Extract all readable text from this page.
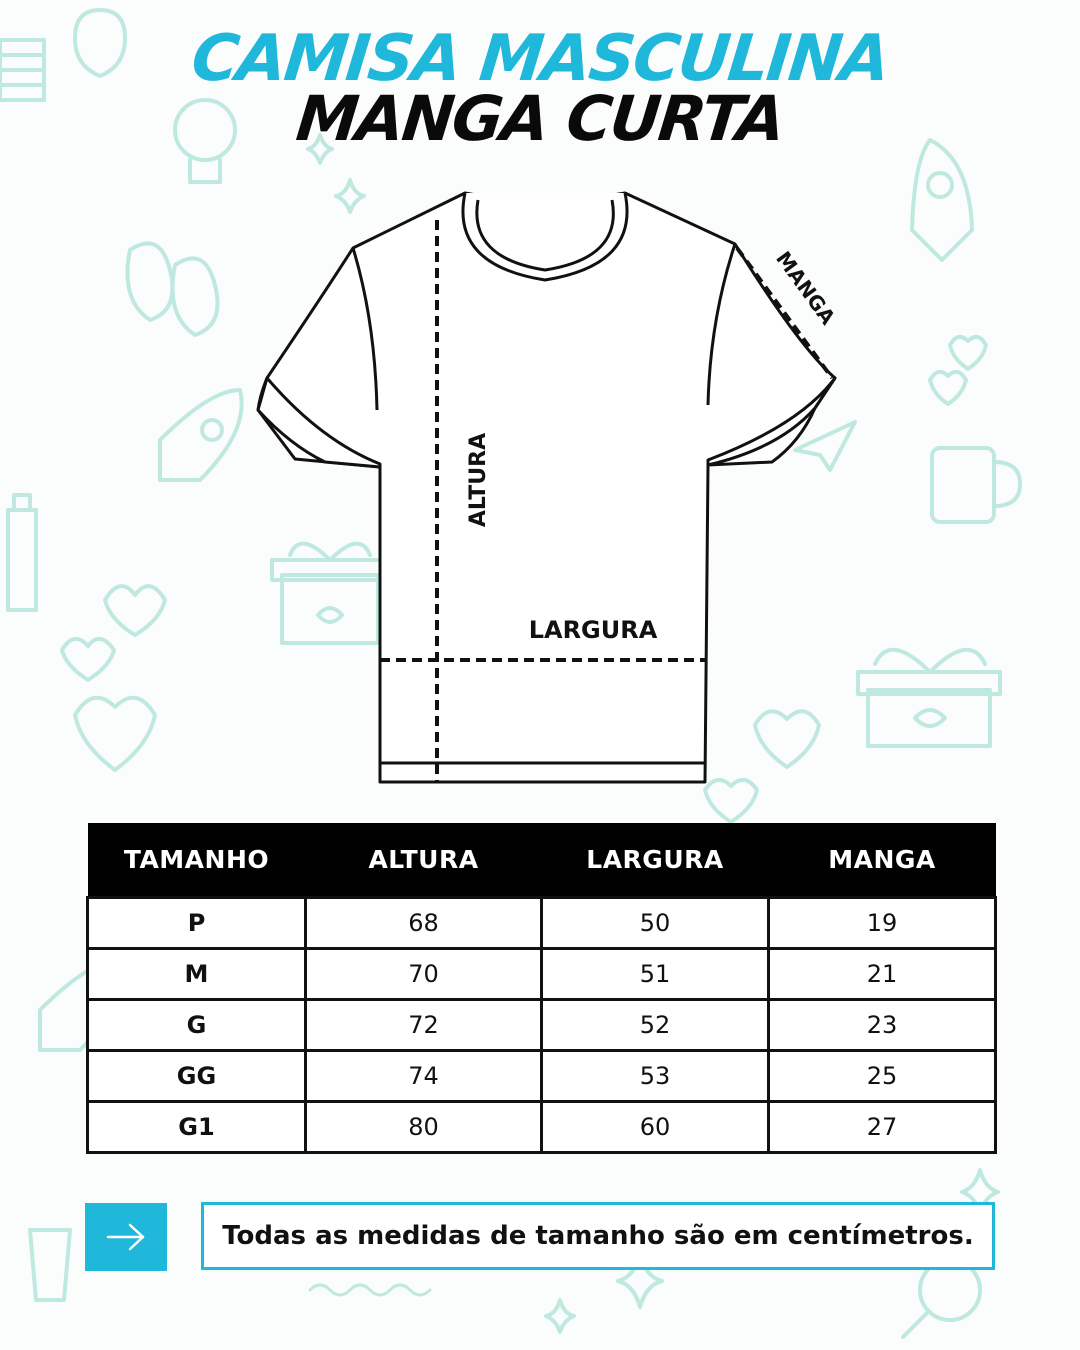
CAMISA MASCULINA
MANGA CURTA
ALTURA
LARGURA
MANGA
TAMANHO	ALTURA	LARGURA	MANGA
P	68	50	19
M	70	51	21
G	72	52	23
GG	74	53	25
G1	80	60	27
Todas as medidas de tamanho são em centímetros.
